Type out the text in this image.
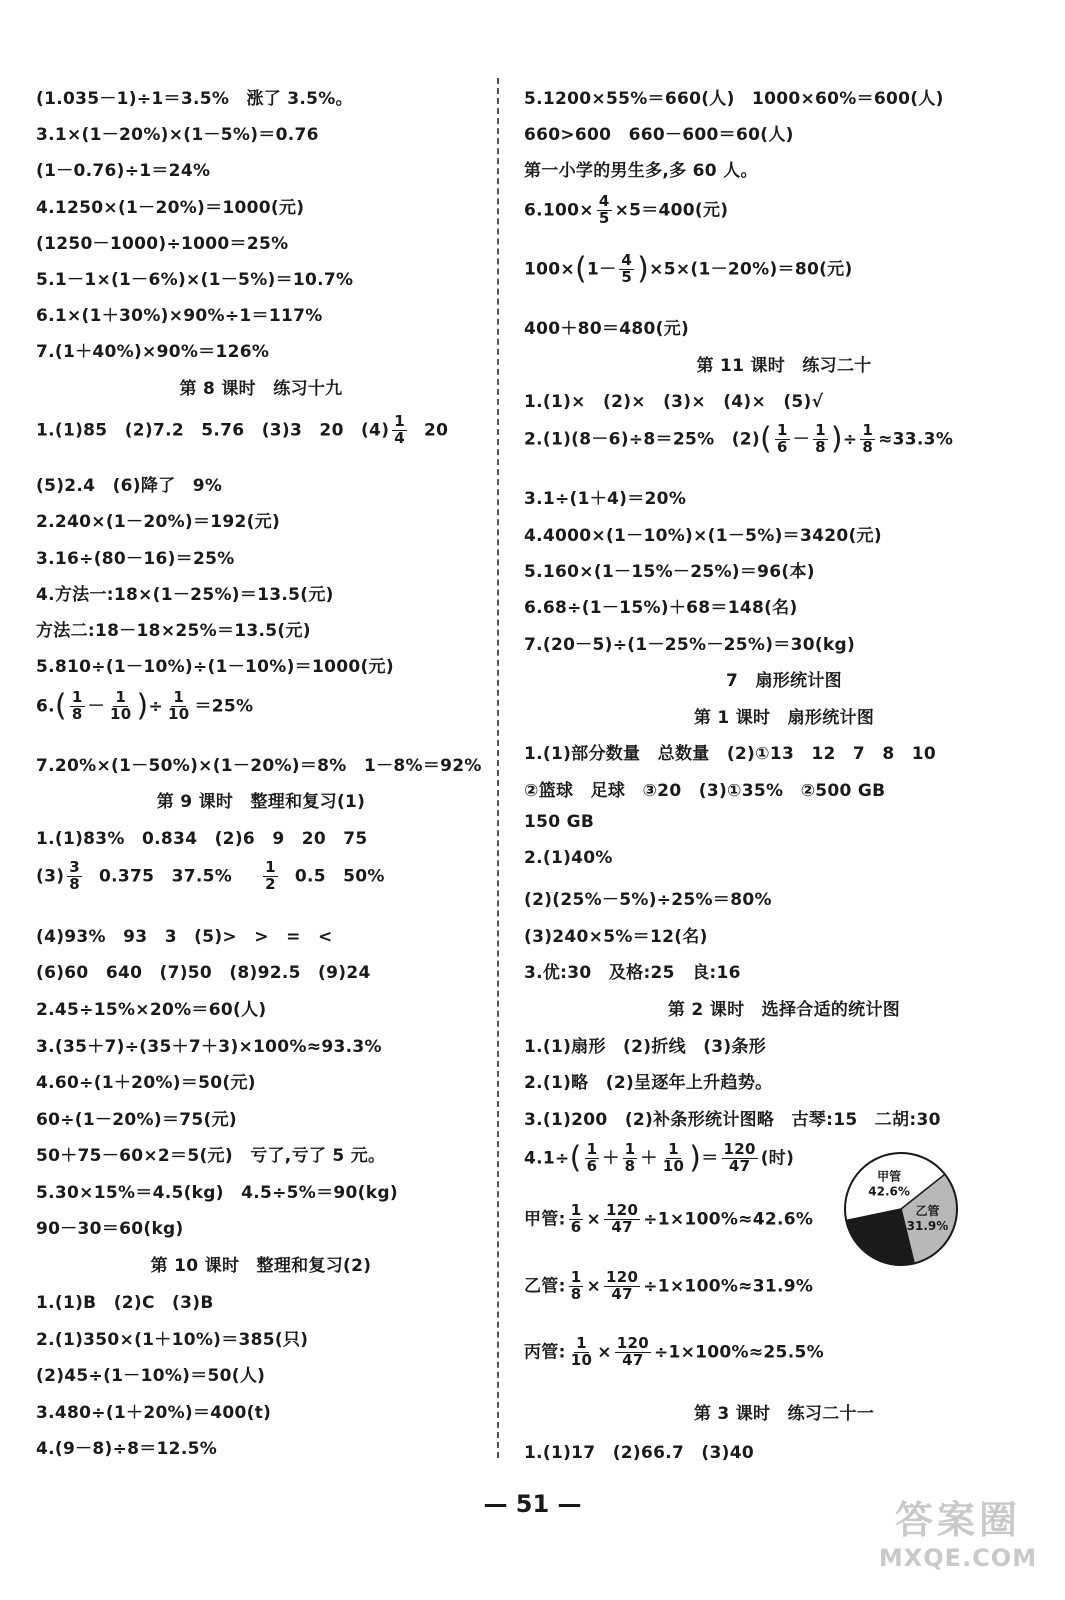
(1.035－1)÷1＝3.5%　涨了 3.5%。
3.1×(1－20%)×(1－5%)＝0.76
(1－0.76)÷1＝24%
4.1250×(1－20%)＝1000(元)
(1250－1000)÷1000＝25%
5.1－1×(1－6%)×(1－5%)＝10.7%
6.1×(1＋30%)×90%÷1＝117%
7.(1＋40%)×90%＝126%
第 8 课时　练习十九
1.(1)85　(2)7.2　5.76　(3)3　20　$(4) \frac{1}{4} 20$
(5)2.4　(6)降了　9%
2.240×(1－20%)＝192(元)
3.16÷(80－16)＝25%
4.方法一:18×(1－25%)＝13.5(元)
方法二:18－18×25%＝13.5(元)
5.810÷(1－10%)÷(1－10%)＝1000(元)
$6.( \frac{1}{8} - \frac{1}{10}$ )÷ $\frac{1}{10} =25\%$
7.20%×(1－50%)×(1－20%)＝8%　1－8%＝92%
第 9 课时　整理和复习(1)
1.(1)83%　0.834　(2)6　9　20　75
$(3) \frac{3}{8} 0.375$　$37.5\% \frac{1}{2} 0.5$　50%
(4)93%　93　3　(5)>　>　=　<
(6)60　640　(7)50　(8)92.5　(9)24
2.45÷15%×20%＝60(人)
3.(35＋7)÷(35＋7＋3)×100%≈93.3%
4.60÷(1＋20%)＝50(元)
60÷(1－20%)＝75(元)
50＋75－60×2＝5(元)　亏了,亏了 5 元。
5.30×15%＝4.5(kg)　4.5÷5%＝90(kg)
90－30＝60(kg)
第 10 课时　整理和复习(2)
1.(1)B　(2)C　(3)B
2.(1)350×(1＋10%)＝385(只)
(2)45÷(1－10%)＝50(人)
3.480÷(1＋20%)＝400(t)
4.(9－8)÷8＝12.5%
5.1200×55%＝660(人)　1000×60%＝600(人)
660>600　660－600＝60(人)
第一小学的男生多,多 60 人。
$6.100\times \frac{4}{5} \times 5=400$(元)
$100\times(1- \frac{4}{5} )\times 5\times(1-20\%)=80$(元)
400＋80＝480(元)
第 11 课时　练习二十
1.(1)×　(2)×　(3)×　(4)×　(5)√
2.(1)(8－6)÷8＝25%　$(2)( \frac{1}{6} - \frac{1}{8}$ )÷ $\frac{1}{8} \approx 33.3\%$
3.1÷(1＋4)＝20%
4.4000×(1－10%)×(1－5%)＝3420(元)
5.160×(1－15%－25%)＝96(本)
6.68÷(1－15%)＋68＝148(名)
7.(20－5)÷(1－25%－25%)＝30(kg)
7　扇形统计图
第 1 课时　扇形统计图
1.(1)部分数量　总数量　(2)①13　12　7　8　10
②篮球　足球　③20　(3)①35%　②500 GB
150 GB
2.(1)40%
(2)(25%－5%)÷25%＝80%
(3)240×5%＝12(名)
3.优:30　及格:25　良:16
第 2 课时　选择合适的统计图
1.(1)扇形　(2)折线　(3)条形
2.(1)略　(2)呈逐年上升趋势。
3.(1)200　(2)补条形统计图略　古琴:15　二胡:30
$4.1\div( \frac{1}{6} + \frac{1}{8} + \frac{1}{10}$ )＝ $\frac{120}{47}$ (时)
甲管: $\frac{1}{6} \times \frac{120}{47} \div 1\times 100\%\approx 42.6\%$
乙管: $\frac{1}{8} \times \frac{120}{47} \div 1\times 100\%\approx 31.9\%$
丙管: $\frac{1}{10} \times \frac{120}{47} \div 1\times 100\%\approx 25.5\%$
第 3 课时　练习二十一
1.(1)17　(2)66.7　(3)40
甲管
42.6%
乙管
31.9%
— 51 —	答案圈
MXQE.COM
